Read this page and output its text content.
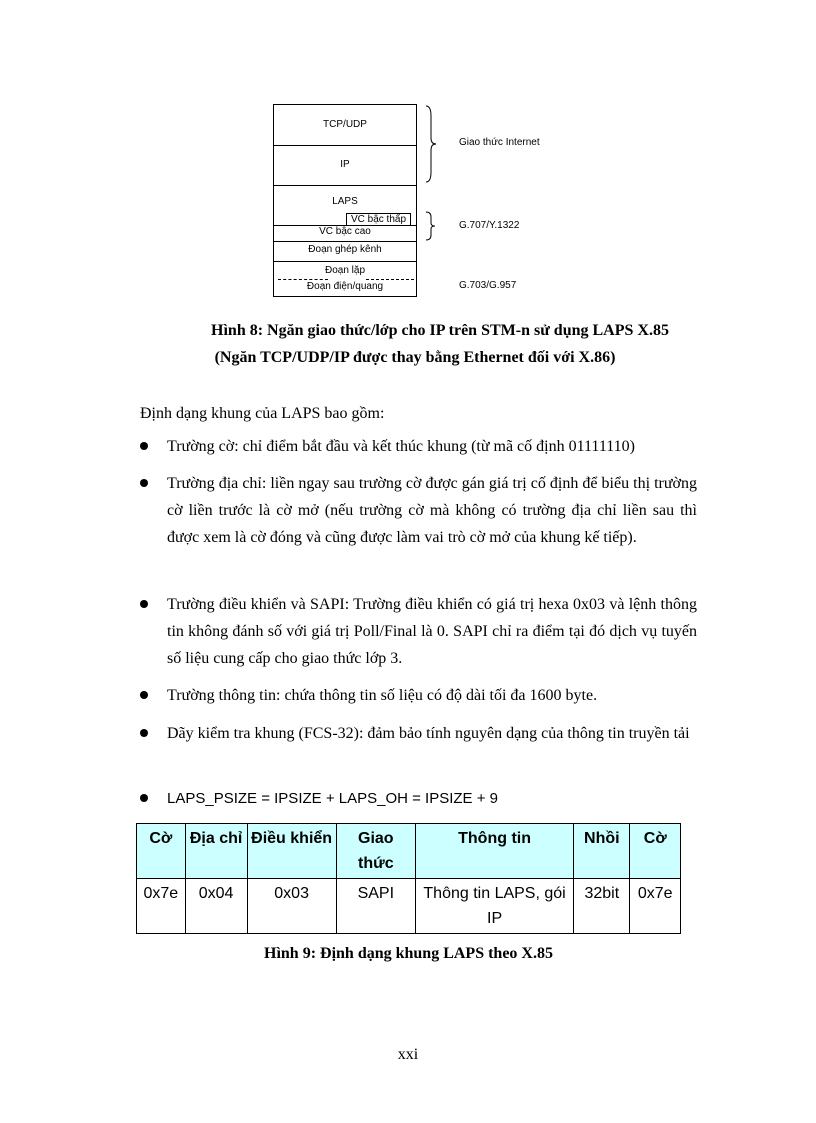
TCP/UDP
IP
LAPS
VC bậc thấp
VC bậc cao
Đoạn ghép kênh
Đoạn lặp
Đoạn điện/quang
Giao thức Internet
G.707/Y.1322
G.703/G.957
Hình 8: Ngăn giao thức/lớp cho IP trên STM-n sử dụng LAPS X.85
(Ngăn TCP/UDP/IP được thay bằng Ethernet đối với X.86)
Định dạng khung của LAPS bao gồm:
Trường cờ: chỉ điểm bắt đầu và kết thúc khung (từ mã cố định 01111110)
Trường địa chỉ: liền ngay sau trường cờ được gán giá trị cố định để biểu thị trường cờ liền trước là cờ mở (nếu trường cờ mà không có trường địa chỉ liền sau thì được xem là cờ đóng và cũng được làm vai trò cờ mở của khung kế tiếp).
Trường điều khiển và SAPI: Trường điều khiển có giá trị hexa 0x03 và lệnh thông tin không đánh số với giá trị Poll/Final là 0. SAPI chỉ ra điểm tại đó dịch vụ tuyến số liệu cung cấp cho giao thức lớp 3.
Trường thông tin: chứa thông tin số liệu có độ dài tối đa 1600 byte.
Dãy kiểm tra khung (FCS-32): đảm bảo tính nguyên dạng của thông tin truyền tải
LAPS_PSIZE = IPSIZE + LAPS_OH = IPSIZE + 9
Cờ	Địa chỉ	Điều khiển	Giao thức	Thông tin	Nhồi	Cờ
0x7e	0x04	0x03	SAPI	Thông tin LAPS, gói IP	32bit	0x7e
Hình 9: Định dạng khung LAPS theo X.85
xxi
